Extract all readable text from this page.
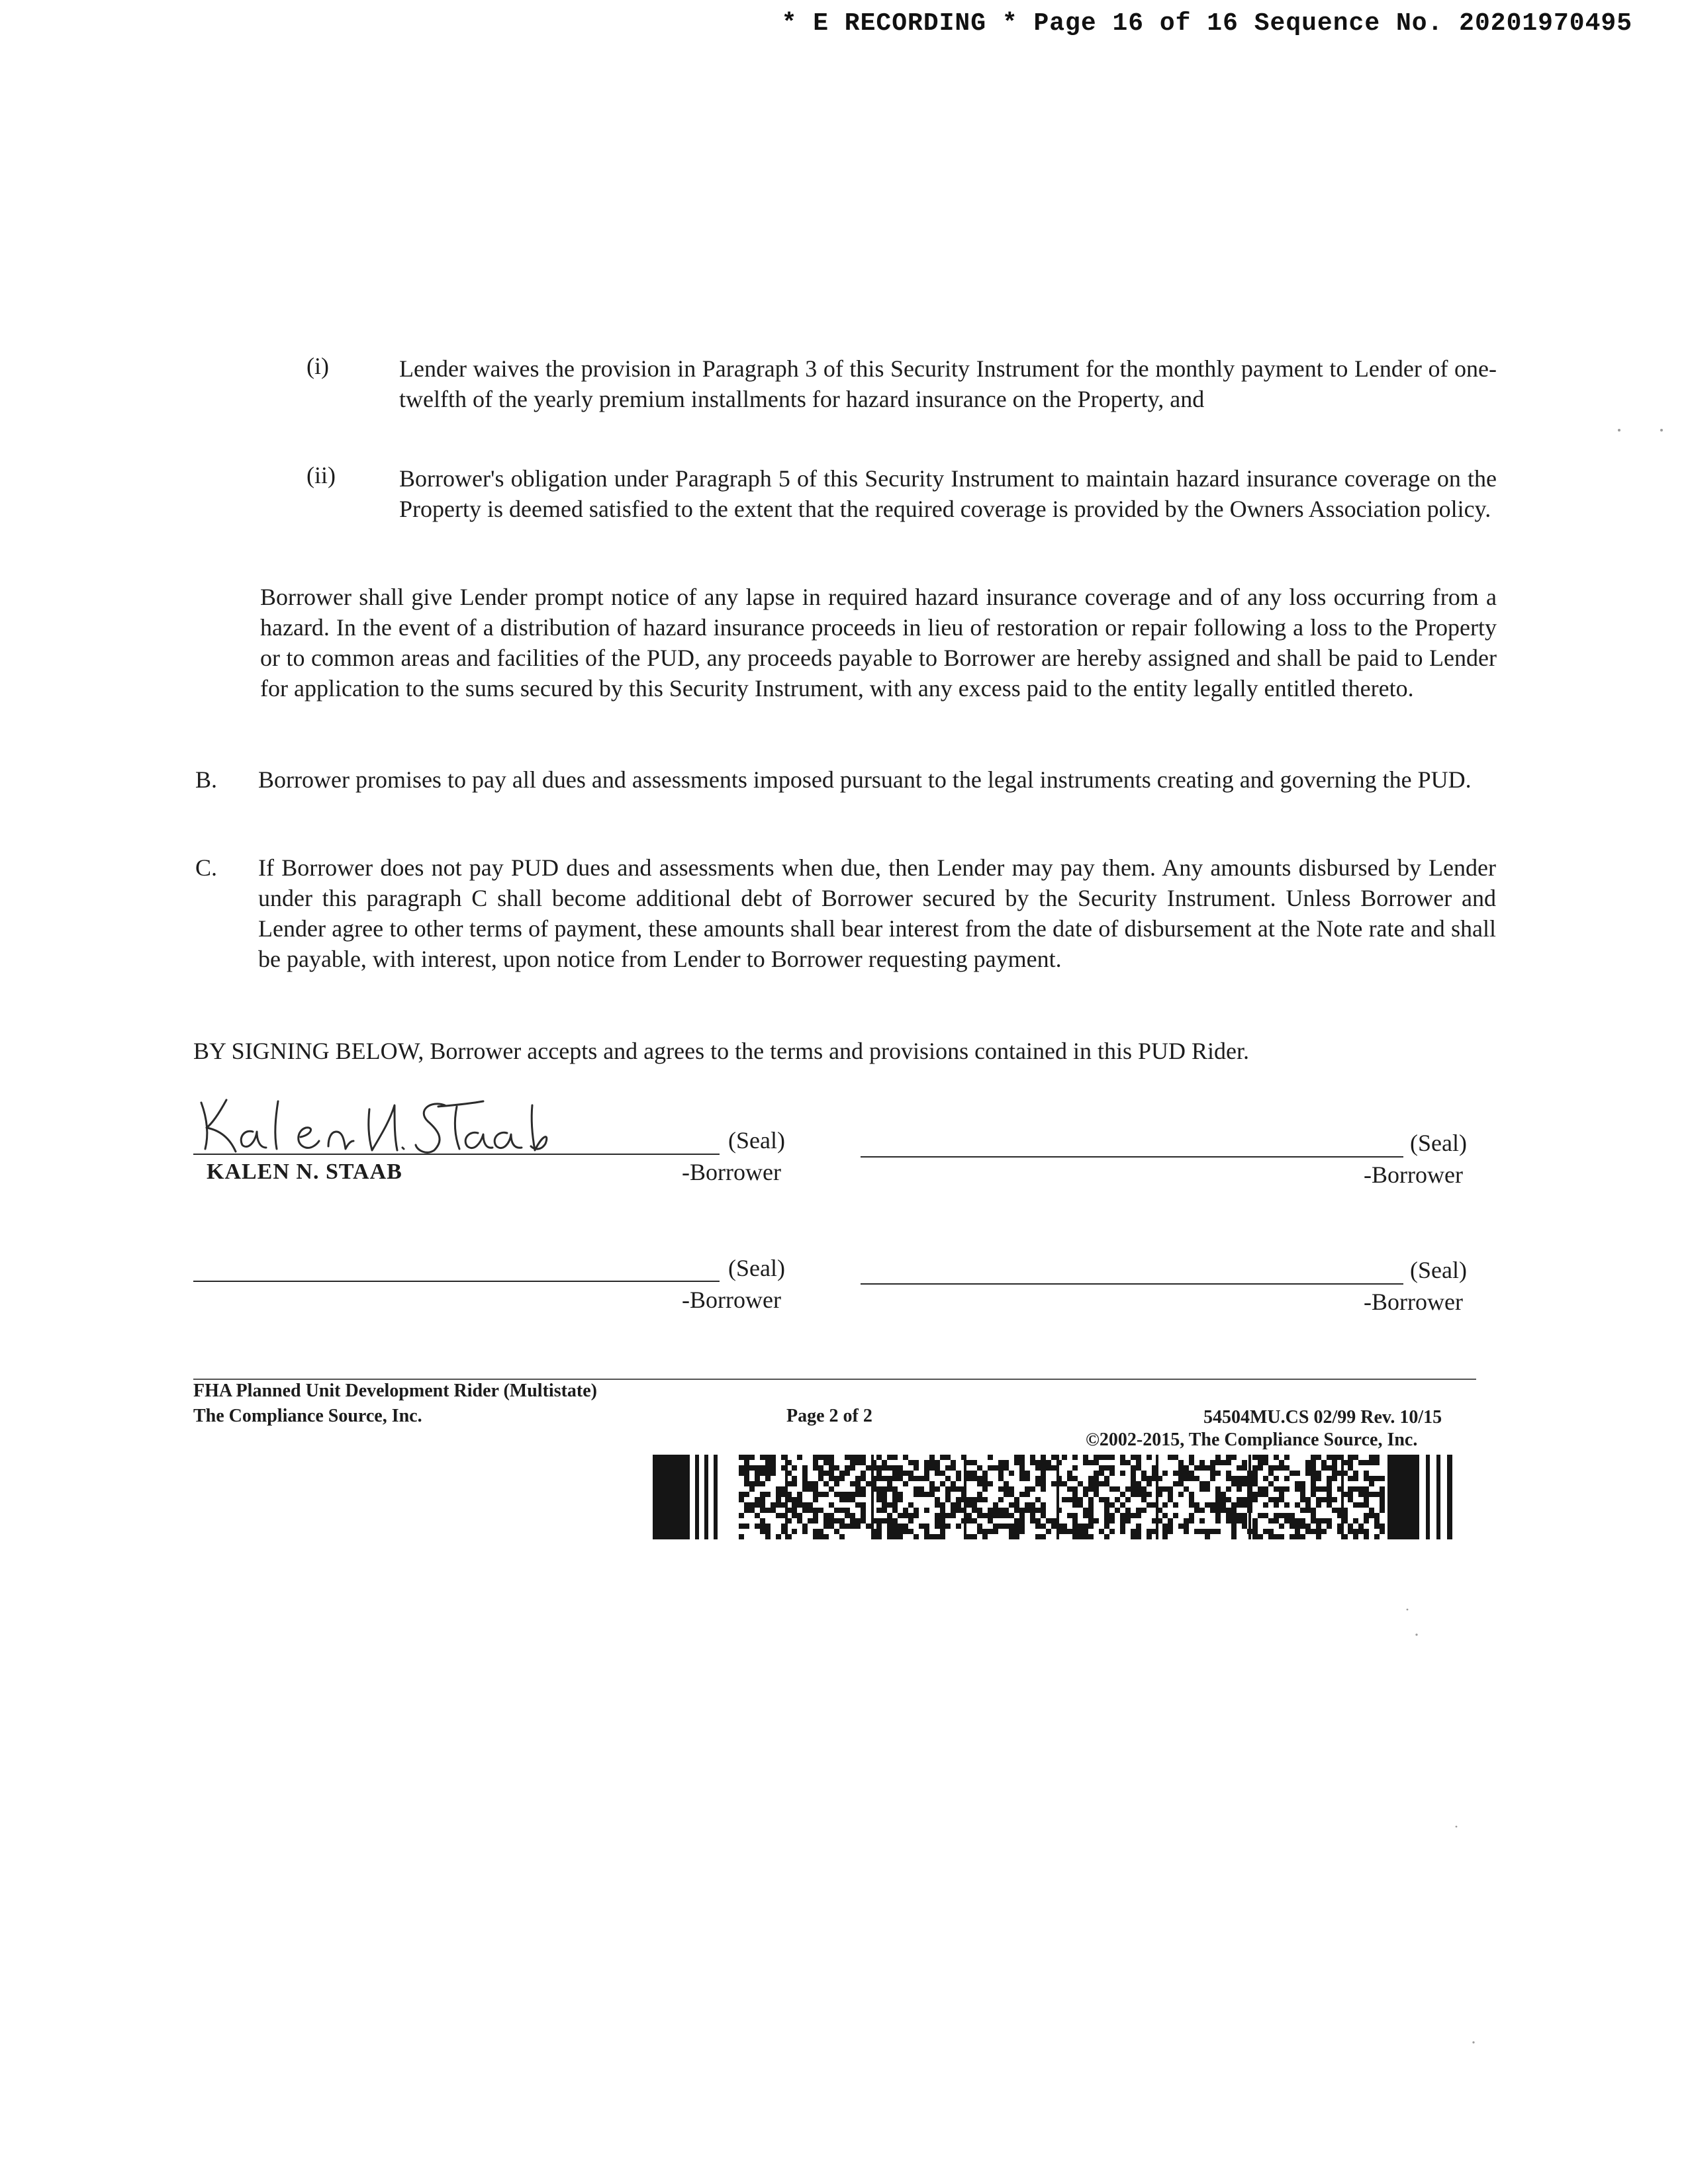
* E RECORDING * Page 16 of 16 Sequence No. 20201970495
(i)	Lender waives the provision in Paragraph 3 of this Security Instrument for the monthly payment to Lender of one-twelfth of the yearly premium installments for hazard insurance on the Property, and
(ii)	Borrower's obligation under Paragraph 5 of this Security Instrument to maintain hazard insurance coverage on the Property is deemed satisfied to the extent that the required coverage is provided by the Owners Association policy.
Borrower shall give Lender prompt notice of any lapse in required hazard insurance coverage and of any loss occurring from a hazard. In the event of a distribution of hazard insurance proceeds in lieu of restoration or repair following a loss to the Property or to common areas and facilities of the PUD, any proceeds payable to Borrower are hereby assigned and shall be paid to Lender for application to the sums secured by this Security Instrument, with any excess paid to the entity legally entitled thereto.
B. Borrower promises to pay all dues and assessments imposed pursuant to the legal instruments creating and governing the PUD.
C. If Borrower does not pay PUD dues and assessments when due, then Lender may pay them. Any amounts disbursed by Lender under this paragraph C shall become additional debt of Borrower secured by the Security Instrument. Unless Borrower and Lender agree to other terms of payment, these amounts shall bear interest from the date of disbursement at the Note rate and shall be payable, with interest, upon notice from Lender to Borrower requesting payment.
BY SIGNING BELOW, Borrower accepts and agrees to the terms and provisions contained in this PUD Rider.
(Seal)
KALEN N. STAAB	-Borrower
(Seal)
-Borrower
(Seal)
-Borrower
(Seal)
-Borrower
FHA Planned Unit Development Rider (Multistate)
The Compliance Source, Inc.	Page 2 of 2	54504MU.CS 02/99 Rev. 10/15
©2002-2015, The Compliance Source, Inc.
